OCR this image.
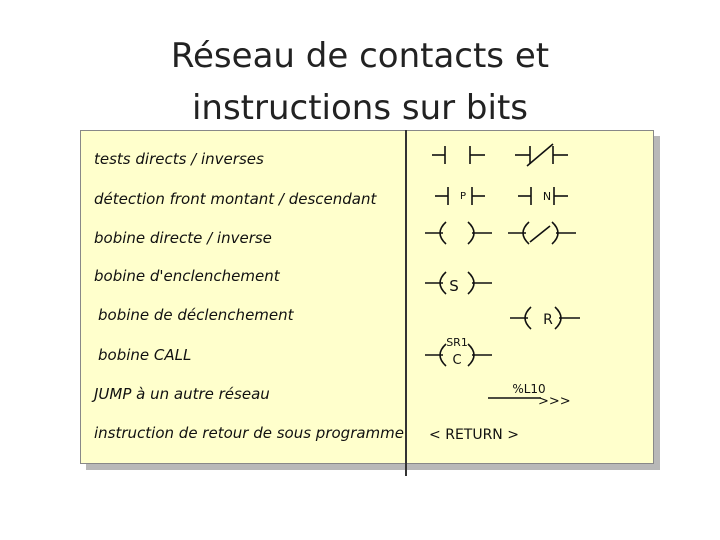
Réseau de contacts et
instructions sur bits
tests directs / inverses
détection front montant / descendant
bobine directe / inverse
bobine d'enclenchement
bobine de déclenchement
bobine CALL
JUMP à un autre réseau
instruction de retour de sous programme
P	N
S
R
SR1
C
%L10
>>>
< RETURN >
